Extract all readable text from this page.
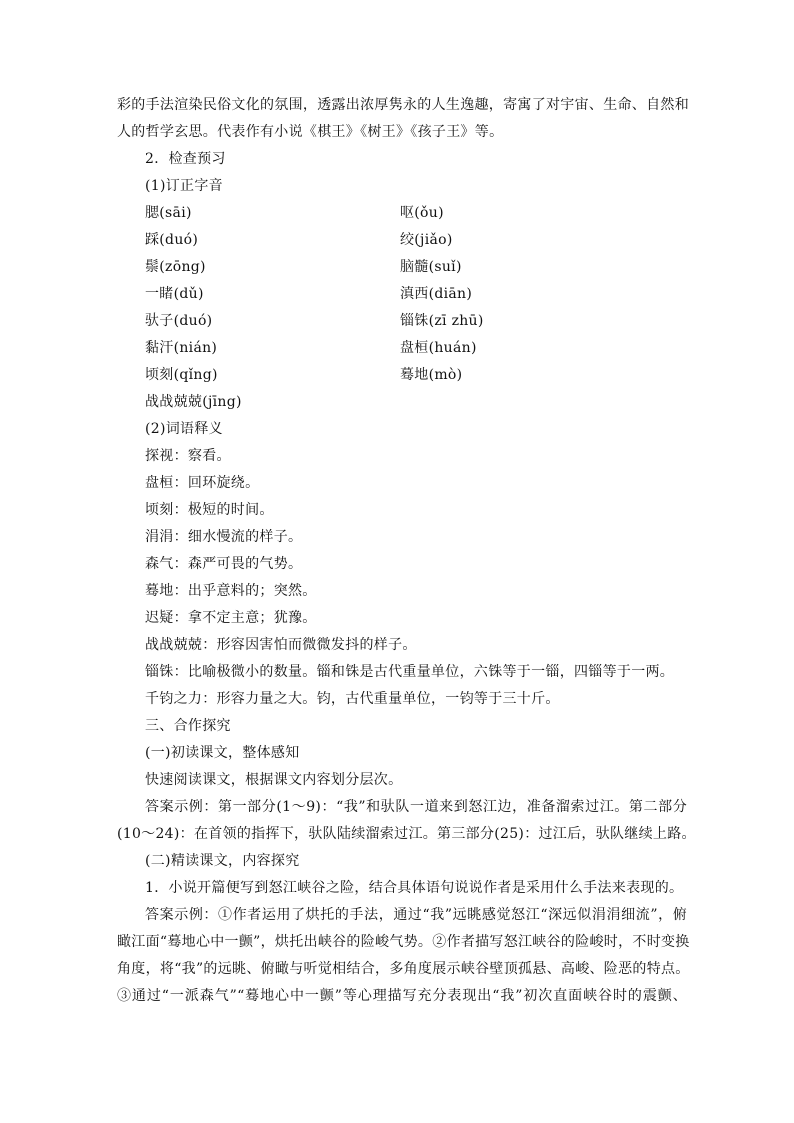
彩的手法渲染民俗文化的氛围，透露出浓厚隽永的人生逸趣，寄寓了对宇宙、生命、自然和
人的哲学玄思。代表作有小说《棋王》《树王》《孩子王》等。
2．检查预习
(1)订正字音
腮(sāi)	呕(ǒu)
踩(duó)	绞(jiǎo)
鬃(zōng)	脑髓(suǐ)
一睹(dǔ)	滇西(diān)
驮子(duó)	锱铢(zī zhū)
黏汗(nián)	盘桓(huán)
顷刻(qǐng)	蓦地(mò)
战战兢兢(jīng)
(2)词语释义
探视：察看。
盘桓：回环旋绕。
顷刻：极短的时间。
涓涓：细水慢流的样子。
森气：森严可畏的气势。
蓦地：出乎意料的；突然。
迟疑：拿不定主意；犹豫。
战战兢兢：形容因害怕而微微发抖的样子。
锱铢：比喻极微小的数量。锱和铢是古代重量单位，六铢等于一锱，四锱等于一两。
千钧之力：形容力量之大。钧，古代重量单位，一钧等于三十斤。
三、合作探究
(一)初读课文，整体感知
快速阅读课文，根据课文内容划分层次。
答案示例：第一部分(1～9)：“我”和驮队一道来到怒江边，准备溜索过江。第二部分
(10～24)：在首领的指挥下，驮队陆续溜索过江。第三部分(25)：过江后，驮队继续上路。
(二)精读课文，内容探究
1．小说开篇便写到怒江峡谷之险，结合具体语句说说作者是采用什么手法来表现的。
答案示例：①作者运用了烘托的手法，通过“我”远眺感觉怒江“深远似涓涓细流”，俯
瞰江面“蓦地心中一颤”，烘托出峡谷的险峻气势。②作者描写怒江峡谷的险峻时，不时变换
角度，将“我”的远眺、俯瞰与听觉相结合，多角度展示峡谷壁顶孤悬、高峻、险恶的特点。
③通过“一派森气”“蓦地心中一颤”等心理描写充分表现出“我”初次直面峡谷时的震颤、
